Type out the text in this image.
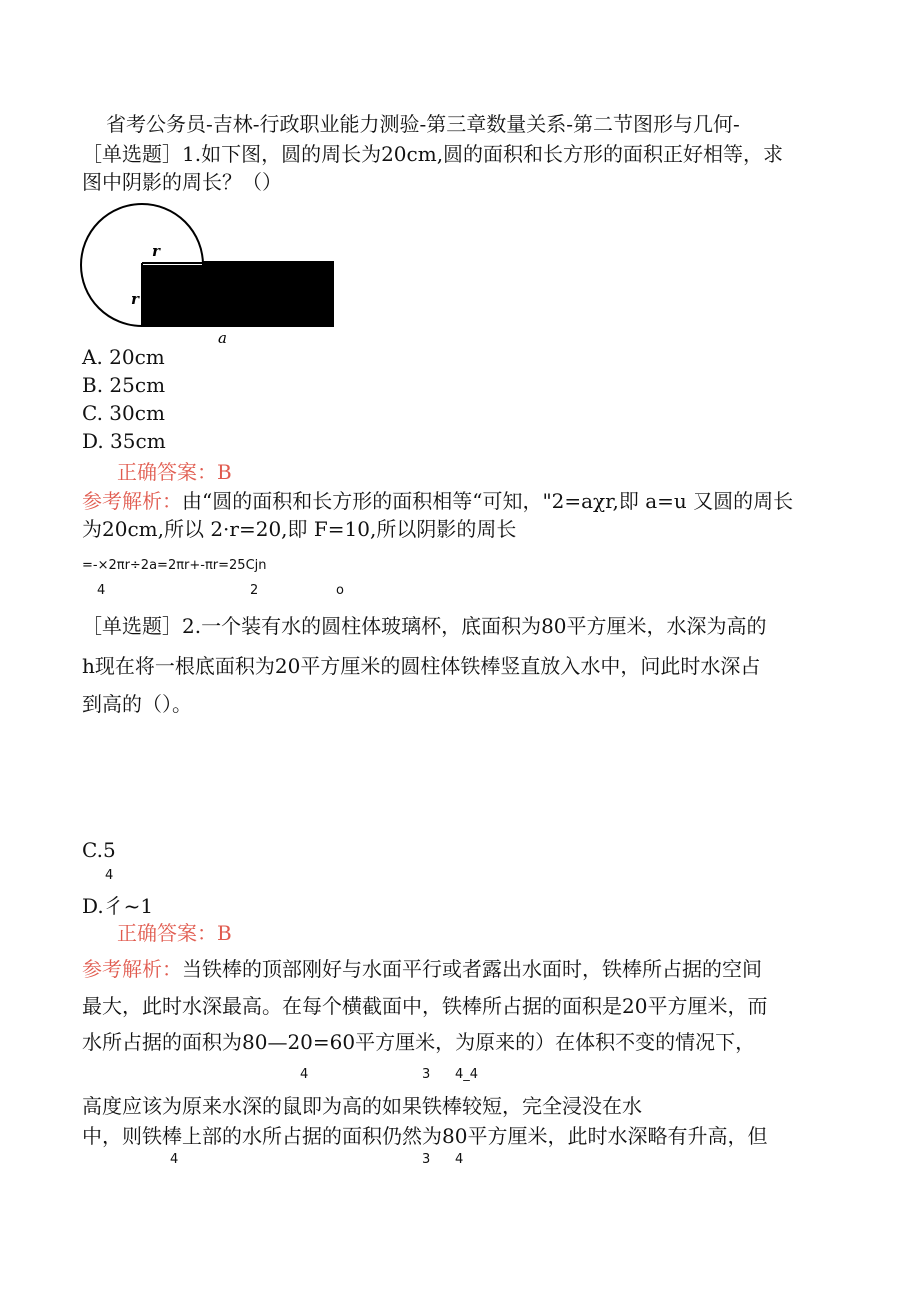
省考公务员-吉林-行政职业能力测验-第三章数量关系-第二节图形与几何-
［单选题］1.如下图，圆的周长为20cm,圆的面积和长方形的面积正好相等，求
图中阴影的周长？（）
r
r
a
A. 20cm
B. 25cm
C. 30cm
D. 35cm
正确答案：B
参考解析：由“圆的面积和长方形的面积相等“可知，"2=aχr,即 a=u 又圆的周长
为20cm,所以 2·r=20,即 F=10,所以阴影的周长
=-×2πr÷2a=2πr+-πr=25Cjn
4	2	o
［单选题］2.一个装有水的圆柱体玻璃杯，底面积为80平方厘米，水深为高的
h现在将一根底面积为20平方厘米的圆柱体铁棒竖直放入水中，问此时水深占
到高的（）。
C.5
4
D.彳~1
正确答案：B
参考解析：当铁棒的顶部刚好与水面平行或者露出水面时，铁棒所占据的空间
最大，此时水深最高。在每个横截面中，铁棒所占据的面积是20平方厘米，而
水所占据的面积为80—20=60平方厘米，为原来的）在体积不变的情况下，
4	3 4_4
高度应该为原来水深的鼠即为高的如果铁棒较短，完全浸没在水
中，则铁棒上部的水所占据的面积仍然为80平方厘米，此时水深略有升高，但
4	3 4
